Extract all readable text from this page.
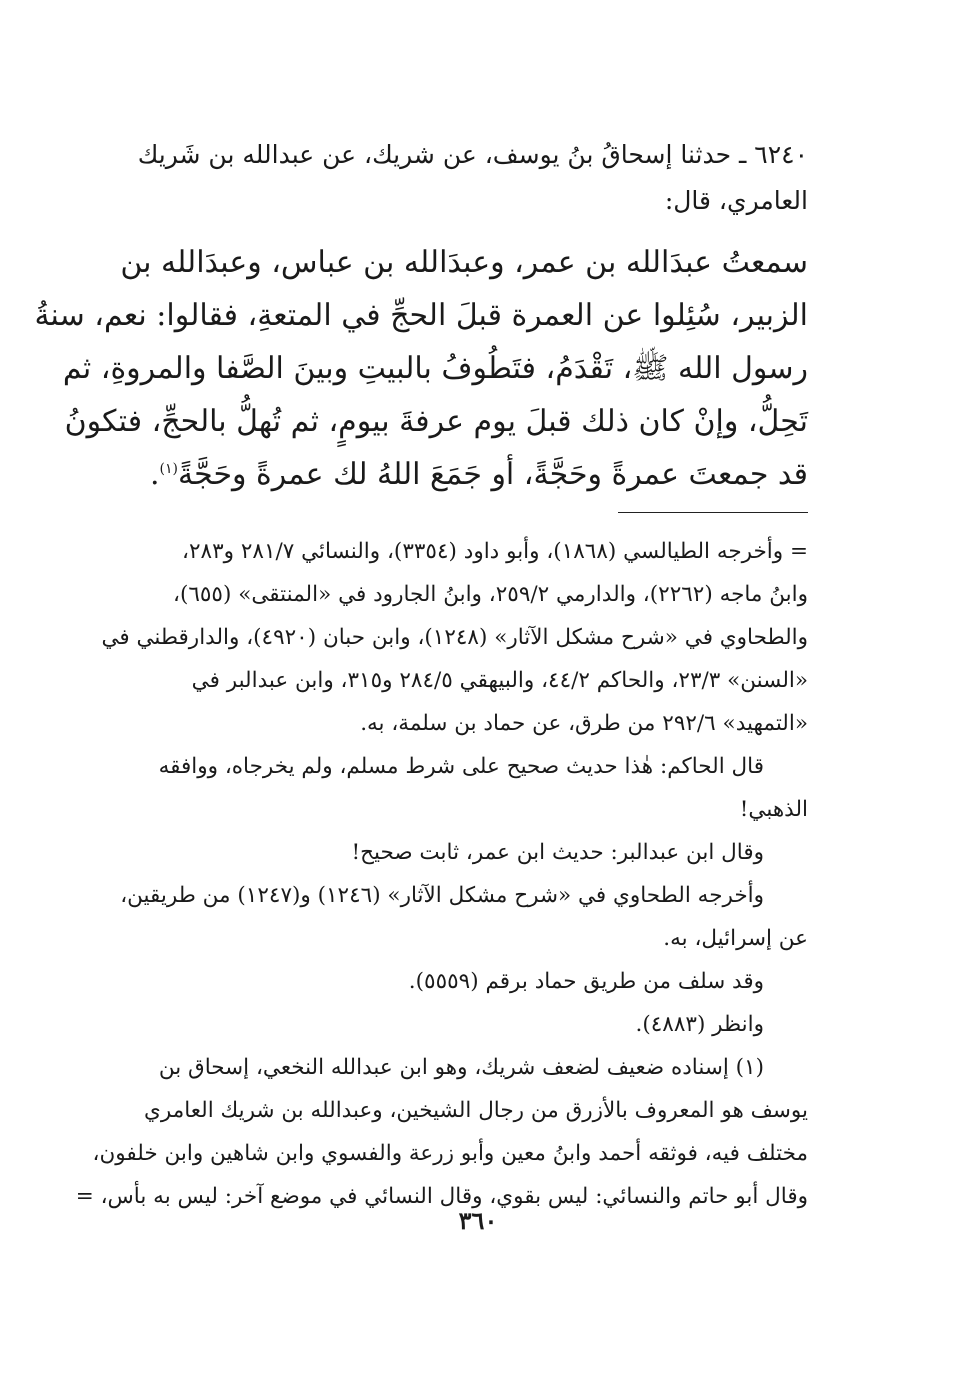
٦٢٤٠ ـ حدثنا إسحاقُ بنُ يوسف، عن شريك، عن عبدالله بن شَريك
العامري، قال:
سمعتُ عبدَالله بن عمر، وعبدَالله بن عباس، وعبدَالله بن
الزبير، سُئِلوا عن العمرة قبلَ الحجِّ في المتعةِ، فقالوا: نعم، سنةُ
رسول الله ﷺ، تَقْدَمُ، فتَطُوفُ بالبيتِ وبينَ الصَّفا والمروةِ، ثم
تَحِلُّ، وإنْ كان ذلك قبلَ يوم عرفةَ بيومٍ، ثم تُهلُّ بالحجِّ، فتكونُ
قد جمعتَ عمرةً وحَجَّةً، أو جَمَعَ اللهُ لك عمرةً وحَجَّةً$^{(١)}$.
= وأخرجه الطيالسي (١٨٦٨)، وأبو داود (٣٣٥٤)، والنسائي ٢٨١/٧ و٢٨٣،
وابنُ ماجه (٢٢٦٢)، والدارمي ٢٥٩/٢، وابنُ الجارود في «المنتقى» (٦٥٥)،
والطحاوي في «شرح مشكل الآثار» (١٢٤٨)، وابن حبان (٤٩٢٠)، والدارقطني في
«السنن» ٢٣/٣، والحاكم ٤٤/٢، والبيهقي ٢٨٤/٥ و٣١٥، وابن عبدالبر في
«التمهيد» ٢٩٢/٦ من طرق، عن حماد بن سلمة، به.
قال الحاكم: هٰذا حديث صحيح على شرط مسلم، ولم يخرجاه، ووافقه
الذهبي!
وقال ابن عبدالبر: حديث ابن عمر، ثابت صحيح!
وأخرجه الطحاوي في «شرح مشكل الآثار» (١٢٤٦) و(١٢٤٧) من طريقين،
عن إسرائيل، به.
وقد سلف من طريق حماد برقم (٥٥٥٩).
وانظر (٤٨٨٣).
(١) إسناده ضعيف لضعف شريك، وهو ابن عبدالله النخعي، إسحاق بن
يوسف هو المعروف بالأزرق من رجال الشيخين، وعبدالله بن شريك العامري
مختلف فيه، فوثقه أحمد وابنُ معين وأبو زرعة والفسوي وابن شاهين وابن خلفون،
وقال أبو حاتم والنسائي: ليس بقوي، وقال النسائي في موضع آخر: ليس به بأس، =
٣٦٠
